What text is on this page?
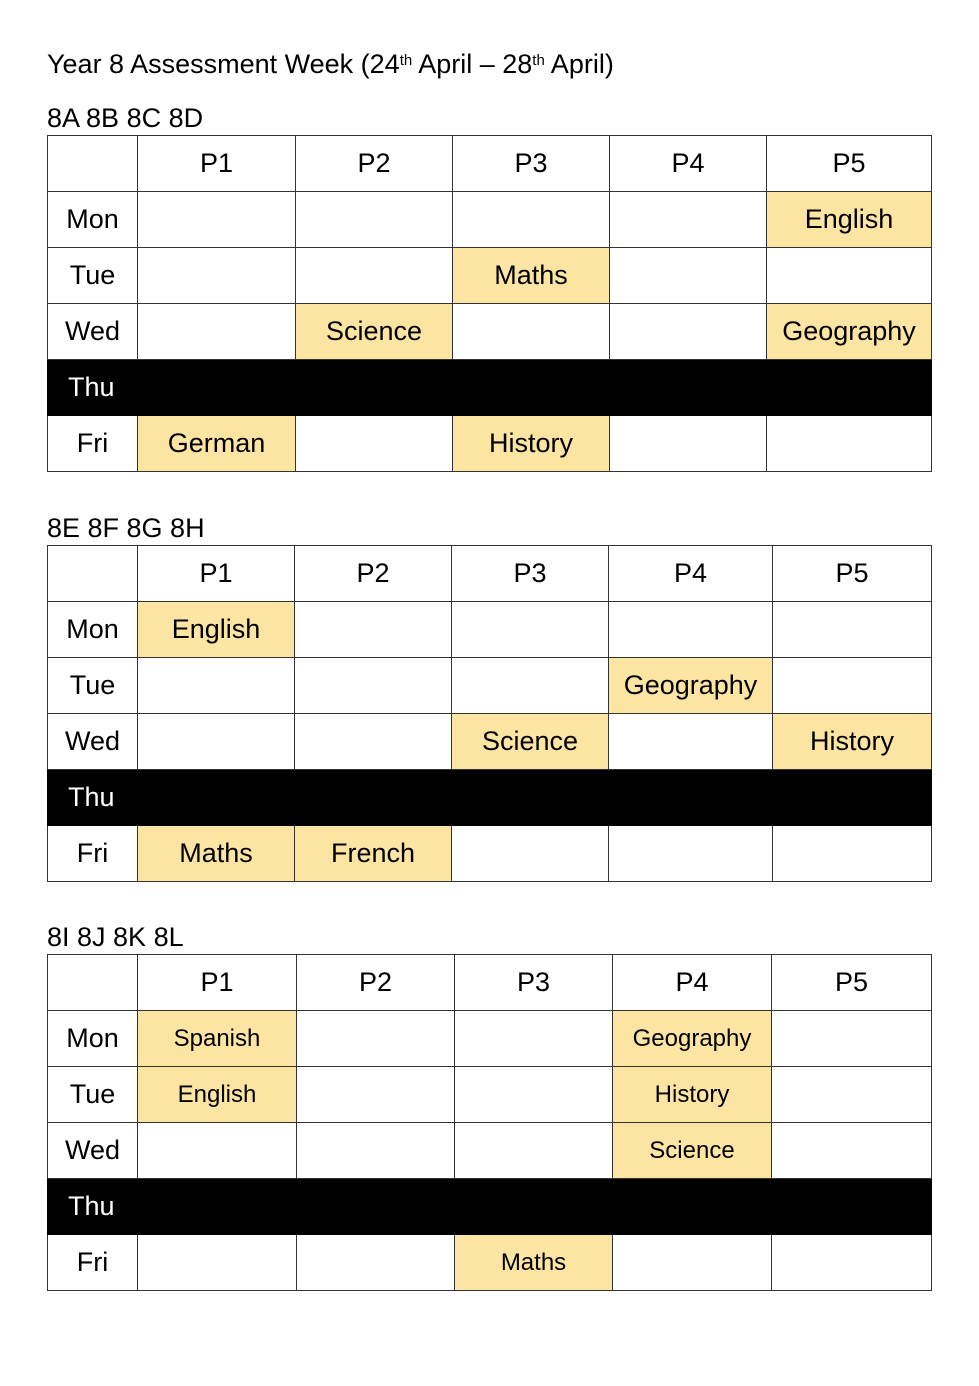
Year 8 Assessment Week (24th April – 28th April)
8A 8B 8C 8D
	P1	P2	P3	P4	P5
Mon					English
Tue			Maths		
Wed		Science			Geography
Thu					
Fri	German		History		
8E 8F 8G 8H
	P1	P2	P3	P4	P5
Mon	English				
Tue				Geography	
Wed			Science		History
Thu					
Fri	Maths	French			
8I 8J 8K 8L
	P1	P2	P3	P4	P5
Mon	Spanish			Geography	
Tue	English			History	
Wed				Science	
Thu					
Fri			Maths		
